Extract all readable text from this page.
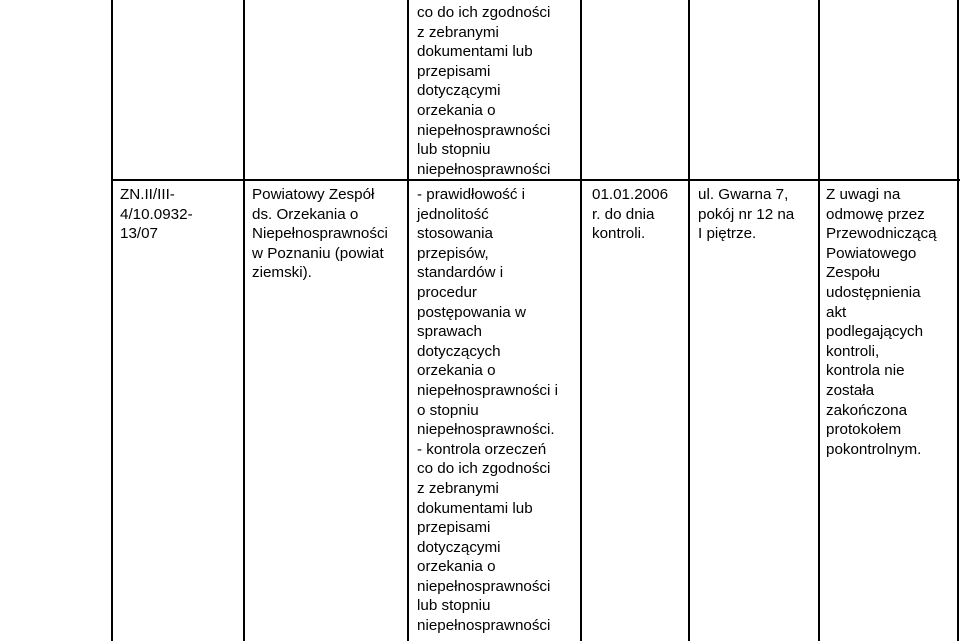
co do ich zgodności
z zebranymi
dokumentami lub
przepisami
dotyczącymi
orzekania o
niepełnosprawności
lub stopniu
niepełnosprawności
ZN.II/III-
4/10.0932-
13/07
Powiatowy Zespół
ds. Orzekania o
Niepełnosprawności
w Poznaniu (powiat
ziemski).
- prawidłowość i
jednolitość
stosowania
przepisów,
standardów i
procedur
postępowania w
sprawach
dotyczących
orzekania o
niepełnosprawności i
o stopniu
niepełnosprawności.
- kontrola orzeczeń
co do ich zgodności
z zebranymi
dokumentami lub
przepisami
dotyczącymi
orzekania o
niepełnosprawności
lub stopniu
niepełnosprawności
01.01.2006
r. do dnia
kontroli.
ul. Gwarna 7,
pokój nr 12 na
I piętrze.
Z uwagi na
odmowę przez
Przewodniczącą
Powiatowego
Zespołu
udostępnienia
akt
podlegających
kontroli,
kontrola nie
została
zakończona
protokołem
pokontrolnym.
